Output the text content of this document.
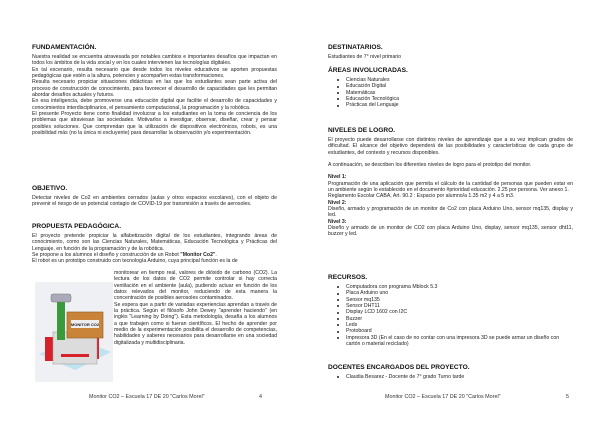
FUNDAMENTACIÓN.

Nuestra realidad se encuentra atravesada por notables cambios e importantes desafíos que impactan en todos los ámbitos de la vida social y en los cuales intervienen las tecnologías digitales.

En tal escenario, resulta necesario que desde todos los niveles educativos se aporten propuestas pedagógicas que estén a la altura, potencien y acompañen estas transformaciones.

Resulta necesario propiciar situaciones didácticas en las que los estudiantes sean parte activa del proceso de construcción de conocimiento, para favorecer el desarrollo de capacidades que les permitan abordar desafíos actuales y futuros.

En esa inteligencia, debe promoverse una educación digital que facilite el desarrollo de capacidades y conocimientos interdisciplinarios, el pensamiento computacional, la programación y la robótica.

El presente Proyecto tiene como finalidad involucrar a los estudiantes en la toma de conciencia de los problemas que atraviesan las sociedades. Motivarlos a investigar, observar, diseñar, crear y pensar posibles soluciones. Que comprendan que la utilización de dispositivos electrónicos, robots, es una posibilidad más (no la única ni excluyente) para desarrollar la observación y/o experimentación.

OBJETIVO.

Detectar niveles de Co2 en ambientes cerrados (aulas y otros espacios escolares), con el objeto de prevenir el riesgo de un potencial contagio de COVID-19 por transmisión a través de aerosoles.

PROPUESTA PEDAGÓGICA.

El proyecto pretende propiciar la alfabetización digital de los estudiantes, integrando áreas de conocimiento, como son las Ciencias Naturales, Matemáticas, Educación Tecnológica y Prácticas del Lenguaje, en función de la programación y de la robótica.

Se propone a los alumnos el diseño y construcción de un Robot "Monitor Co2".

El robot es un prototipo construido con tecnología Arduino, cuya principal función es la de

MONITOR CO2

monitorear en tiempo real, valores de dióxido de carbono (CO2). La lectura de los datos de CO2 permite controlar si hay correcta ventilación en el ambiente (aula), pudiendo actuar en función de los datos relevados del monitor, reduciendo de esta manera la concentración de posibles aerosoles contaminados.

Se espera que a partir de variadas experiencias aprendan a través de la práctica. Según el filósofo John Dewey "aprender haciendo" (en inglés "Learning by Doing"). Esta metodología, desafía a los alumnos a que trabajen como si fueran científicos. El hecho de aprender por medio de la experimentación posibilita el desarrollo de competencias, habilidades y saberes necesarios para desarrollarse en una sociedad digitalizada y multidisciplinaria.

Monitor CO2 – Escuela 17 DE 20 "Carlos Morel"	4
DESTINATARIOS.

Estudiantes de 7° nivel primario

ÁREAS INVOLUCRADAS.
Ciencias Naturales
Educación Digital
Matemáticas
Educación Tecnológica
Prácticas del Lenguaje
NIVELES DE LOGRO.

El proyecto puede desarrollarse con distintos niveles de aprendizaje que a su vez implican grados de dificultad. El alcance del objetivo dependerá de las posibilidades y características de cada grupo de estudiantes, del contexto y recursos disponibles.

A continuación, se describen los diferentes niveles de logro para el prototipo del monitor.

Nivel 1:

Programación de una aplicación que permita el cálculo de la cantidad de personas que pueden estar en un ambiente según lo establecido en el documento #prioridad educación. 2.25 por persona. Ver anexo 1.

Reglamento Escolar CABA, Art. 90.2 : Espacio por alumno/a 1.35 m2 y 4 a 5 m3.

Nivel 2:

Diseño, armado y programación de un monitor de Co2 con placa Arduino Uno, sensor mq135, display y led.

Nivel 3:

Diseño y armado de un monitor de CO2 con placa Arduino Uno, display, sensor mq135, sensor dht11, buzzer y led.

RECURSOS.
Computadora con programa Mblock 5.3
Placa Arduino uno
Sensor mq135
Sensor DHT11
Display LCD 1602 con I2C
Buzzer
Leds
Protoboard
Impresora 3D (En el caso de no contar con una impresora 3D se puede armar un diseño con cartón o material reciclado)
DOCENTES ENCARGADOS DEL PROYECTO.
Claudia Besarez - Docente de 7° grado Turno tarde
Monitor CO2 – Escuela 17 DE 20 "Carlos Morel"	5
